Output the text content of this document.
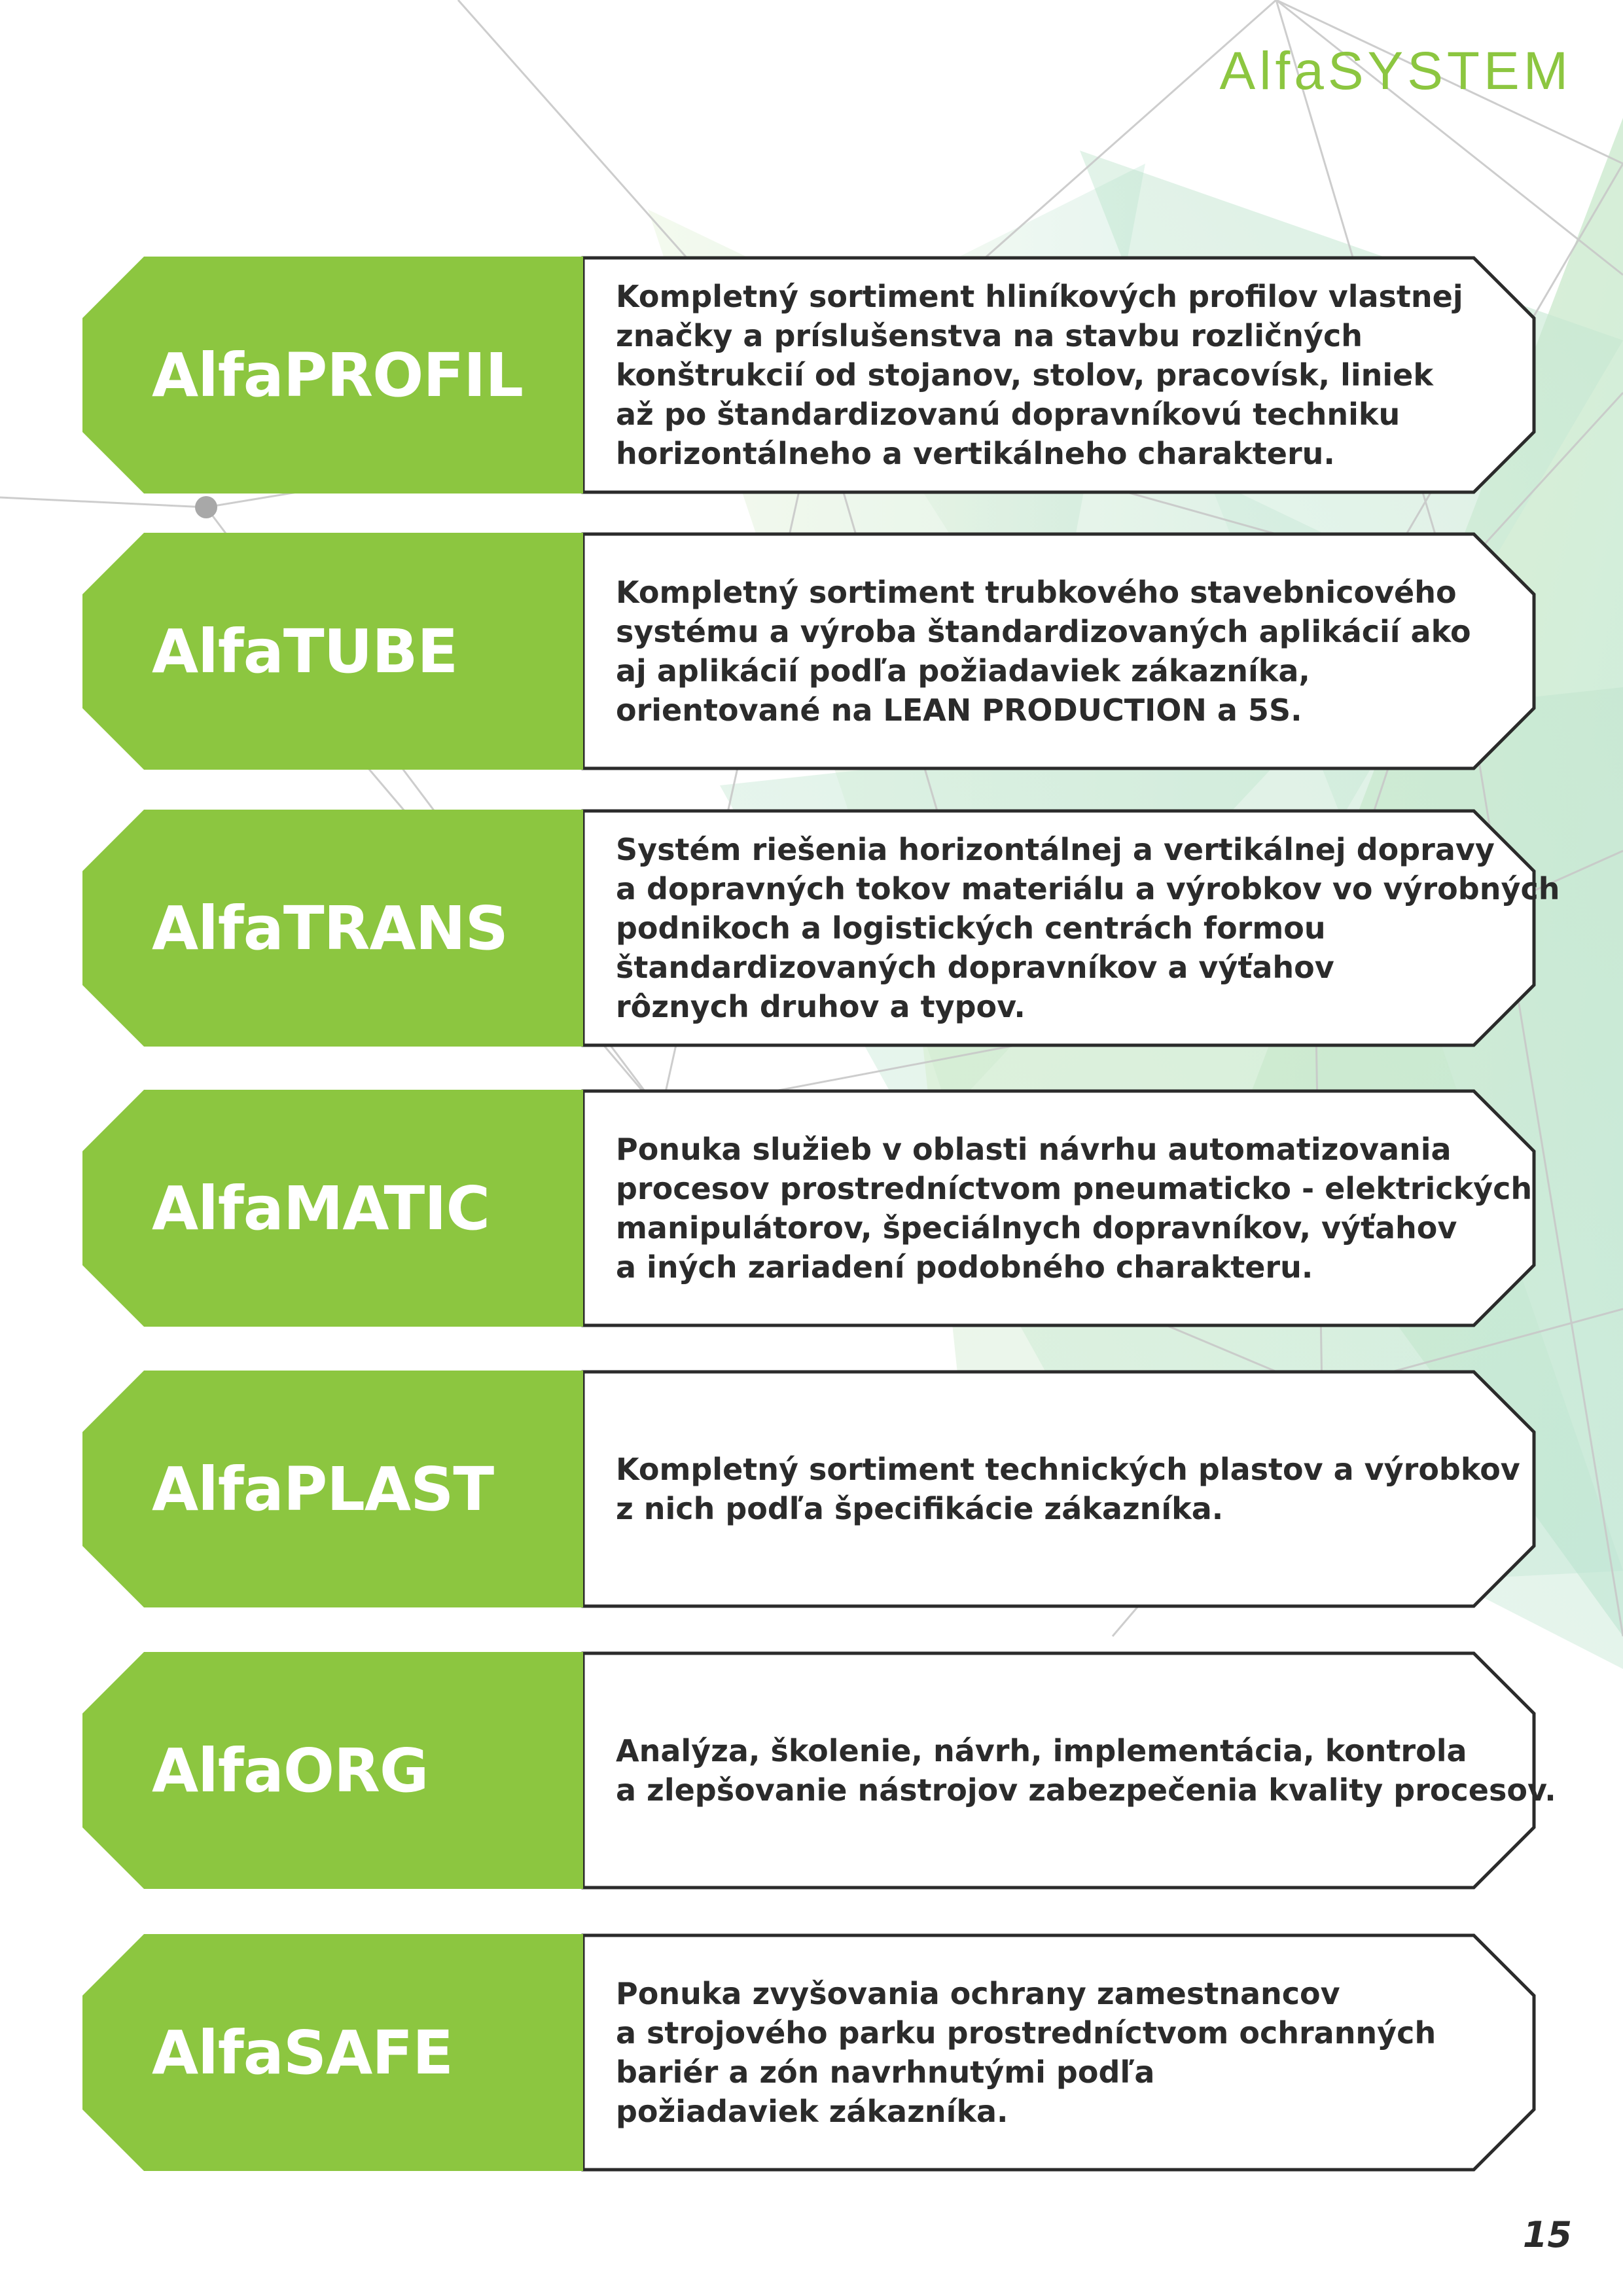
AlfaSYSTEM
AlfaPROFIL
Kompletný sortiment hliníkových profilov vlastnej
značky a príslušenstva na stavbu rozličných
konštrukcií od stojanov, stolov, pracovísk, liniek
až po štandardizovanú dopravníkovú techniku
horizontálneho a vertikálneho charakteru.
AlfaTUBE
Kompletný sortiment trubkového stavebnicového
systému a výroba štandardizovaných aplikácií ako
aj aplikácií podľa požiadaviek zákazníka,
orientované na LEAN PRODUCTION a 5S.
AlfaTRANS
Systém riešenia horizontálnej a vertikálnej dopravy
a dopravných tokov materiálu a výrobkov vo výrobných
podnikoch a logistických centrách formou
štandardizovaných dopravníkov a výťahov
rôznych druhov a typov.
AlfaMATIC
Ponuka služieb v oblasti návrhu automatizovania
procesov prostredníctvom pneumaticko - elektrických
manipulátorov, špeciálnych dopravníkov, výťahov
a iných zariadení podobného charakteru.
AlfaPLAST	Kompletný sortiment technických plastov a výrobkov
z nich podľa špecifikácie zákazníka.
AlfaORG	Analýza, školenie, návrh, implementácia, kontrola
a zlepšovanie nástrojov zabezpečenia kvality procesov.
AlfaSAFE
Ponuka zvyšovania ochrany zamestnancov
a strojového parku prostredníctvom ochranných
bariér a zón navrhnutými podľa
požiadaviek zákazníka.
15
